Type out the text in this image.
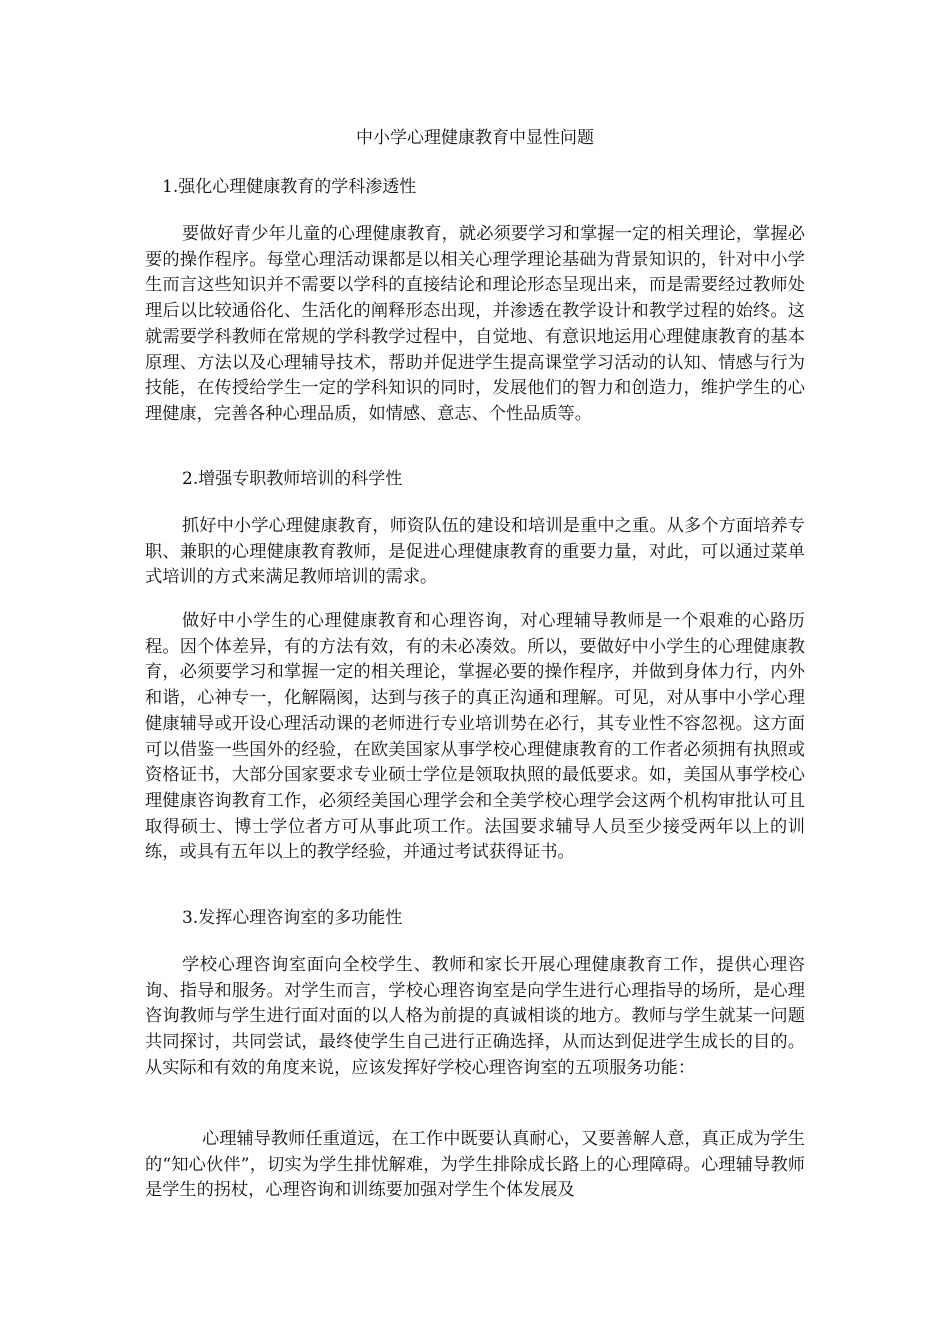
中小学心理健康教育中显性问题
1.强化心理健康教育的学科渗透性

要做好青少年儿童的心理健康教育，就必须要学习和掌握一定的相关理论，掌握必要的操作程序。每堂心理活动课都是以相关心理学理论基础为背景知识的，针对中小学生而言这些知识并不需要以学科的直接结论和理论形态呈现出来，而是需要经过教师处理后以比较通俗化、生活化的阐释形态出现，并渗透在教学设计和教学过程的始终。这就需要学科教师在常规的学科教学过程中，自觉地、有意识地运用心理健康教育的基本原理、方法以及心理辅导技术，帮助并促进学生提高课堂学习活动的认知、情感与行为技能，在传授给学生一定的学科知识的同时，发展他们的智力和创造力，维护学生的心理健康，完善各种心理品质，如情感、意志、个性品质等。

2.增强专职教师培训的科学性

抓好中小学心理健康教育，师资队伍的建设和培训是重中之重。从多个方面培养专职、兼职的心理健康教育教师，是促进心理健康教育的重要力量，对此，可以通过菜单式培训的方式来满足教师培训的需求。

做好中小学生的心理健康教育和心理咨询，对心理辅导教师是一个艰难的心路历程。因个体差异，有的方法有效，有的未必凑效。所以，要做好中小学生的心理健康教育，必须要学习和掌握一定的相关理论，掌握必要的操作程序，并做到身体力行，内外和谐，心神专一，化解隔阂，达到与孩子的真正沟通和理解。可见，对从事中小学心理健康辅导或开设心理活动课的老师进行专业培训势在必行，其专业性不容忽视。这方面可以借鉴一些国外的经验，在欧美国家从事学校心理健康教育的工作者必须拥有执照或资格证书，大部分国家要求专业硕士学位是领取执照的最低要求。如，美国从事学校心理健康咨询教育工作，必须经美国心理学会和全美学校心理学会这两个机构审批认可且取得硕士、博士学位者方可从事此项工作。法国要求辅导人员至少接受两年以上的训练，或具有五年以上的教学经验，并通过考试获得证书。

3.发挥心理咨询室的多功能性

学校心理咨询室面向全校学生、教师和家长开展心理健康教育工作，提供心理咨询、指导和服务。对学生而言，学校心理咨询室是向学生进行心理指导的场所，是心理咨询教师与学生进行面对面的以人格为前提的真诚相谈的地方。教师与学生就某一问题共同探讨，共同尝试，最终使学生自己进行正确选择，从而达到促进学生成长的目的。从实际和有效的角度来说，应该发挥好学校心理咨询室的五项服务功能：

心理辅导教师任重道远，在工作中既要认真耐心，又要善解人意，真正成为学生的“知心伙伴”，切实为学生排忧解难，为学生排除成长路上的心理障碍。心理辅导教师是学生的拐杖，心理咨询和训练要加强对学生个体发展及
